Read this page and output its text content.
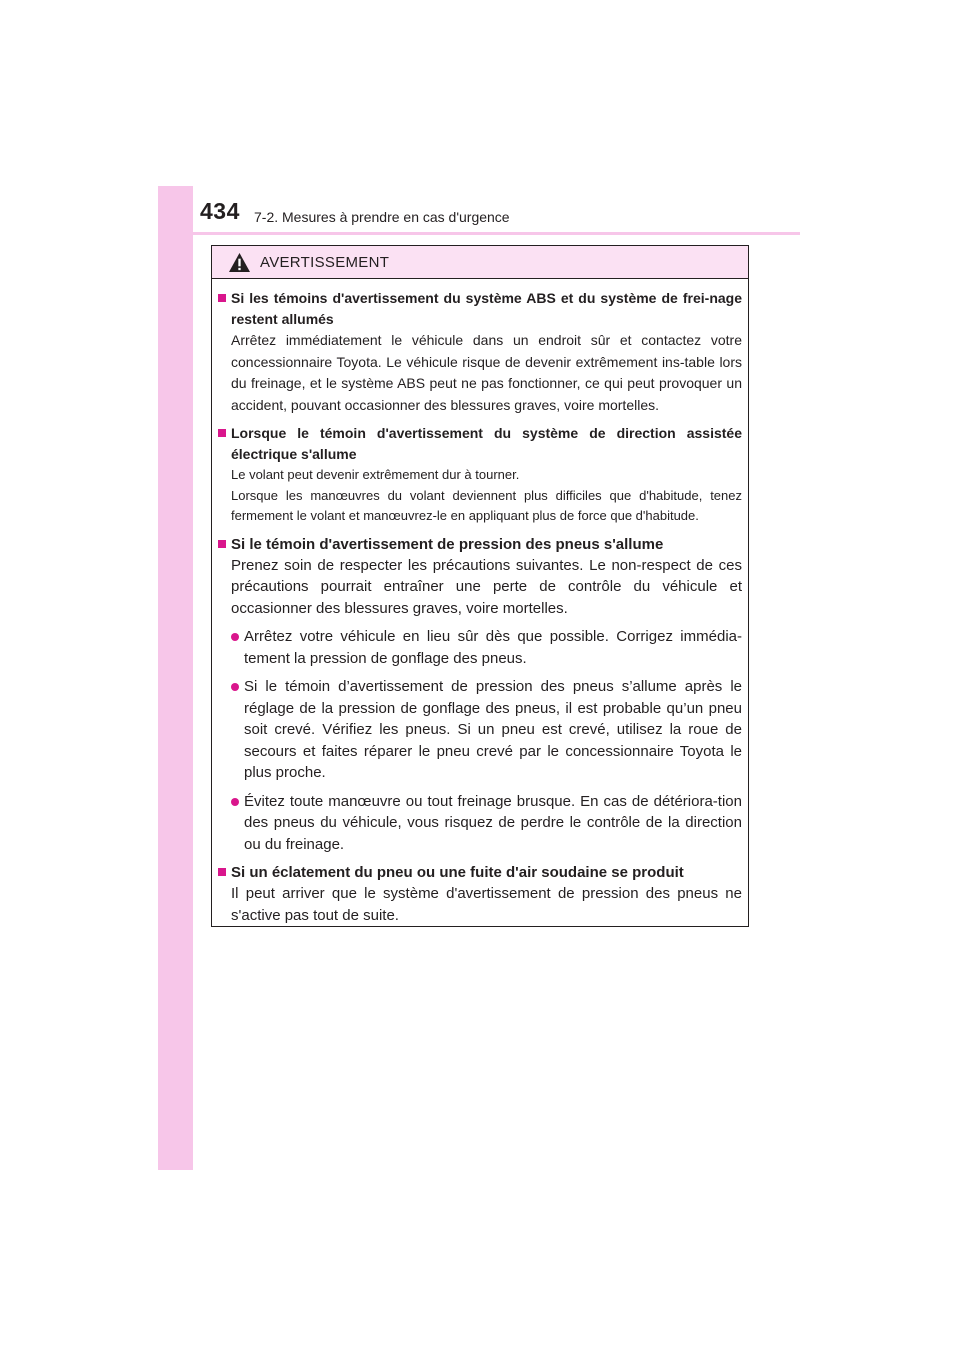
434 7-2. Mesures à prendre en cas d'urgence
AVERTISSEMENT
Si les témoins d'avertissement du système ABS et du système de frei-nage restent allumés
Arrêtez immédiatement le véhicule dans un endroit sûr et contactez votre concessionnaire Toyota. Le véhicule risque de devenir extrêmement ins-table lors du freinage, et le système ABS peut ne pas fonctionner, ce qui peut provoquer un accident, pouvant occasionner des blessures graves, voire mortelles.
Lorsque le témoin d'avertissement du système de direction assistée électrique s'allume
Le volant peut devenir extrêmement dur à tourner.
Lorsque les manœuvres du volant deviennent plus difficiles que d'habitude, tenez fermement le volant et manœuvrez-le en appliquant plus de force que d'habitude.
Si le témoin d'avertissement de pression des pneus s'allume
Prenez soin de respecter les précautions suivantes. Le non-respect de ces précautions pourrait entraîner une perte de contrôle du véhicule et occasionner des blessures graves, voire mortelles.
Arrêtez votre véhicule en lieu sûr dès que possible. Corrigez immédia-tement la pression de gonflage des pneus.
Si le témoin d’avertissement de pression des pneus s’allume après le réglage de la pression de gonflage des pneus, il est probable qu’un pneu soit crevé. Vérifiez les pneus. Si un pneu est crevé, utilisez la roue de secours et faites réparer le pneu crevé par le concessionnaire Toyota le plus proche.
Évitez toute manœuvre ou tout freinage brusque. En cas de détériora-tion des pneus du véhicule, vous risquez de perdre le contrôle de la direction ou du freinage.
Si un éclatement du pneu ou une fuite d'air soudaine se produit
Il peut arriver que le système d'avertissement de pression des pneus ne s'active pas tout de suite.
